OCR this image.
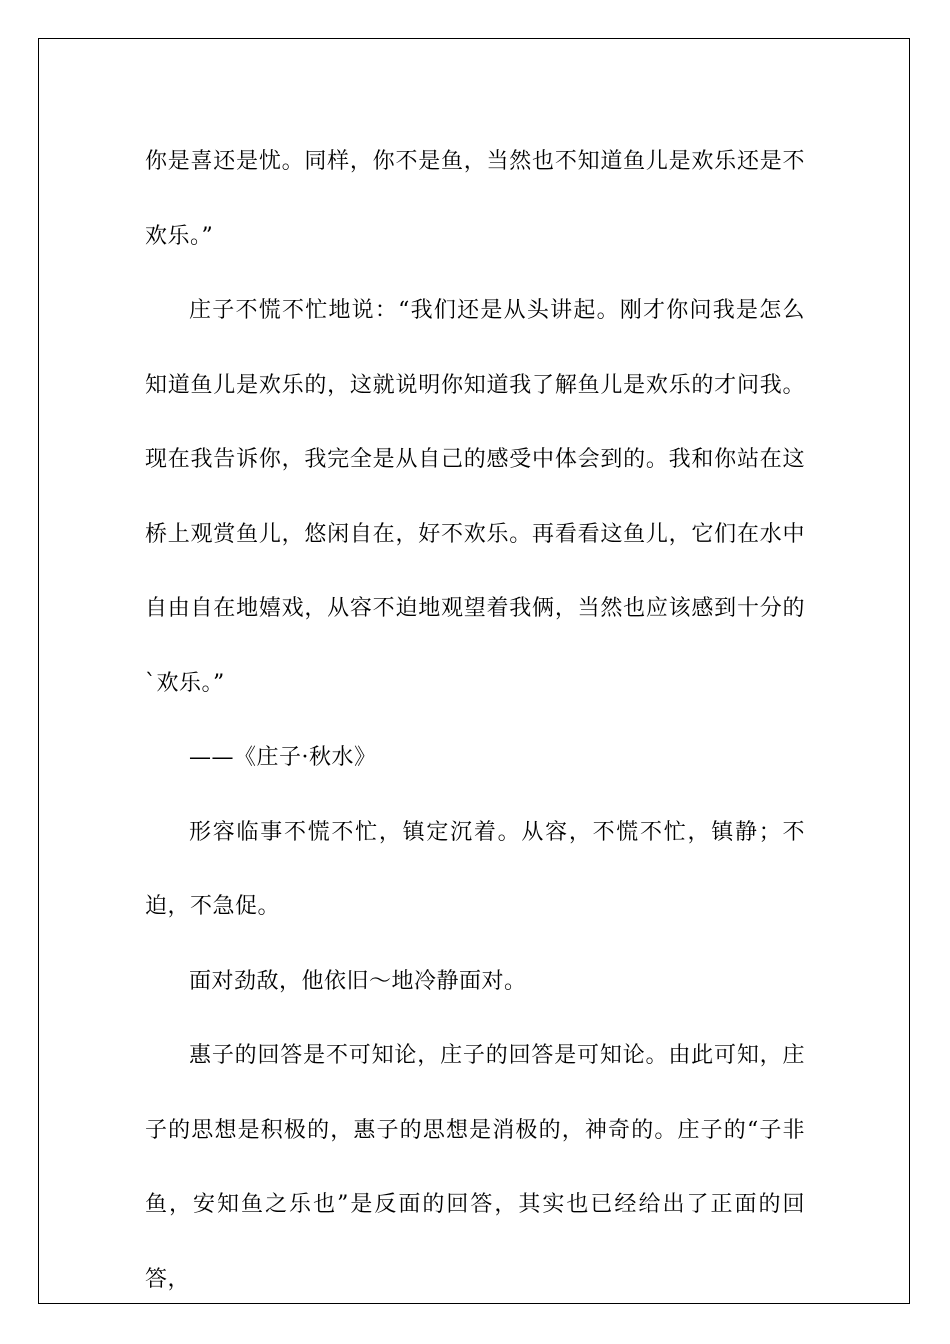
你是喜还是忧。同样，你不是鱼，当然也不知道鱼儿是欢乐还是不欢乐。”

庄子不慌不忙地说：“我们还是从头讲起。刚才你问我是怎么知道鱼儿是欢乐的，这就说明你知道我了解鱼儿是欢乐的才问我。现在我告诉你，我完全是从自己的感受中体会到的。我和你站在这桥上观赏鱼儿，悠闲自在，好不欢乐。再看看这鱼儿，它们在水中自由自在地嬉戏，从容不迫地观望着我俩，当然也应该感到十分的`欢乐。”

——《庄子·秋水》

形容临事不慌不忙，镇定沉着。从容，不慌不忙，镇静；不迫，不急促。

面对劲敌，他依旧～地冷静面对。

惠子的回答是不可知论，庄子的回答是可知论。由此可知，庄子的思想是积极的，惠子的思想是消极的，神奇的。庄子的“子非鱼，安知鱼之乐也”是反面的回答，其实也已经给出了正面的回答，
